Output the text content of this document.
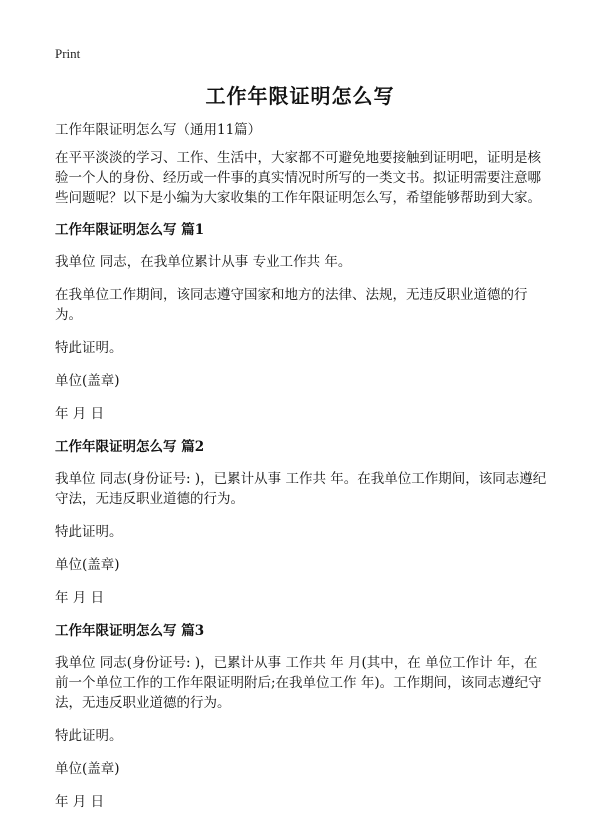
Print
工作年限证明怎么写

工作年限证明怎么写（通用11篇）

在平平淡淡的学习、工作、生活中，大家都不可避免地要接触到证明吧，证明是核验一个人的身份、经历或一件事的真实情况时所写的一类文书。拟证明需要注意哪些问题呢？以下是小编为大家收集的工作年限证明怎么写，希望能够帮助到大家。

工作年限证明怎么写 篇1

我单位 同志，在我单位累计从事 专业工作共 年。

在我单位工作期间，该同志遵守国家和地方的法律、法规，无违反职业道德的行为。

特此证明。

单位(盖章)

年 月 日

工作年限证明怎么写 篇2

我单位 同志(身份证号: )，已累计从事 工作共 年。在我单位工作期间，该同志遵纪守法，无违反职业道德的行为。

特此证明。

单位(盖章)

年 月 日

工作年限证明怎么写 篇3

我单位 同志(身份证号: )，已累计从事 工作共 年 月(其中，在 单位工作计 年，在前一个单位工作的工作年限证明附后;在我单位工作 年)。工作期间，该同志遵纪守法，无违反职业道德的行为。

特此证明。

单位(盖章)

年 月 日
